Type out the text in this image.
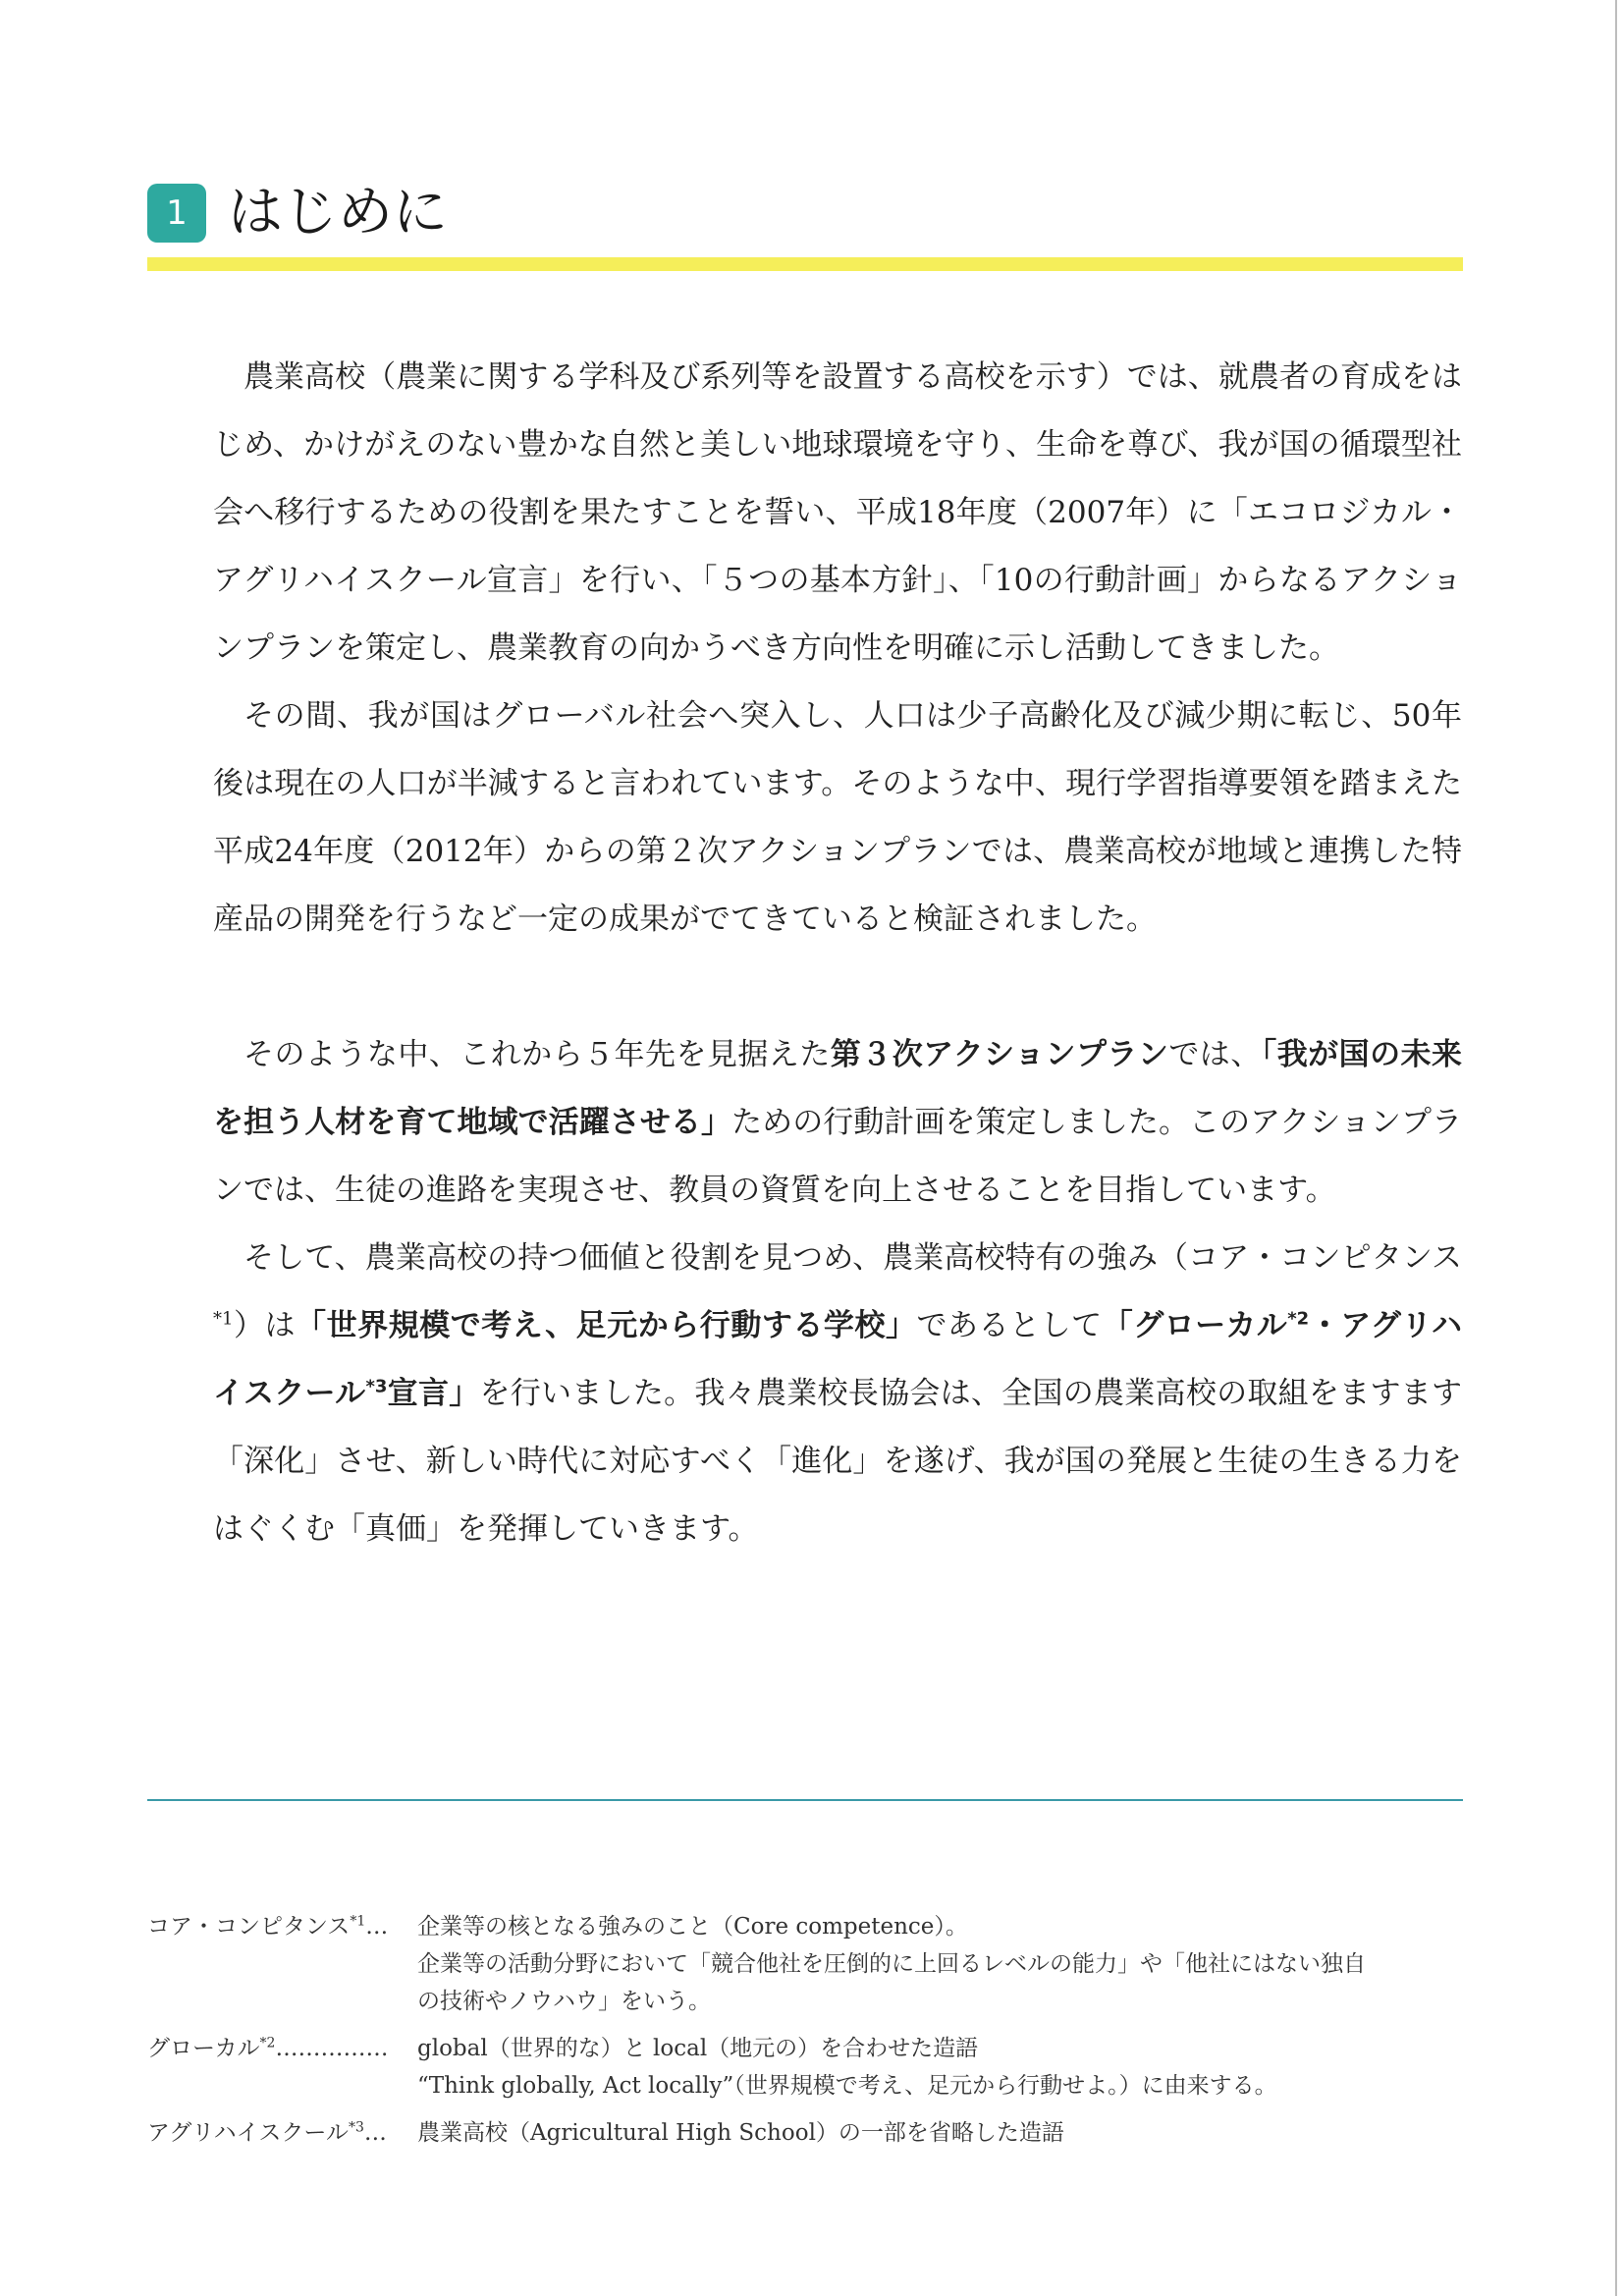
1 はじめに

農業高校（農業に関する学科及び系列等を設置する高校を示す）では、就農者の育成をはじめ、かけがえのない豊かな自然と美しい地球環境を守り、生命を尊び、我が国の循環型社会へ移行するための役割を果たすことを誓い、平成18年度（2007年）に「エコロジカル・アグリハイスクール宣言」を行い、「５つの基本方針」、「10の行動計画」からなるアクションプランを策定し、農業教育の向かうべき方向性を明確に示し活動してきました。

その間、我が国はグローバル社会へ突入し、人口は少子高齢化及び減少期に転じ、50年後は現在の人口が半減すると言われています。そのような中、現行学習指導要領を踏まえた平成24年度（2012年）からの第２次アクションプランでは、農業高校が地域と連携した特産品の開発を行うなど一定の成果がでてきていると検証されました。

そのような中、これから５年先を見据えた第３次アクションプランでは、「我が国の未来を担う人材を育て地域で活躍させる」ための行動計画を策定しました。このアクションプランでは、生徒の進路を実現させ、教員の資質を向上させることを目指しています。

そして、農業高校の持つ価値と役割を見つめ、農業高校特有の強み（コア・コンピタンス$^{*1}$）は「世界規模で考え、足元から行動する学校」であるとして「グローカル$^{*2}$・アグリハイスクール$^{*3}$宣言」を行いました。我々農業校長協会は、全国の農業高校の取組をますます「深化」させ、新しい時代に対応すべく「進化」を遂げ、我が国の発展と生徒の生きる力をはぐくむ「真価」を発揮していきます。

コア・コンピタンス$^{*1}$…	企業等の核となる強みのこと（Core competence）。
企業等の活動分野において「競合他社を圧倒的に上回るレベルの能力」や「他社にはない独自
の技術やノウハウ」をいう。
グローカル$^{*2}$……………	global（世界的な）と local（地元の）を合わせた造語
“Think globally, Act locally”（世界規模で考え、足元から行動せよ。）に由来する。
アグリハイスクール$^{*3}$…	農業高校（Agricultural High School）の一部を省略した造語
